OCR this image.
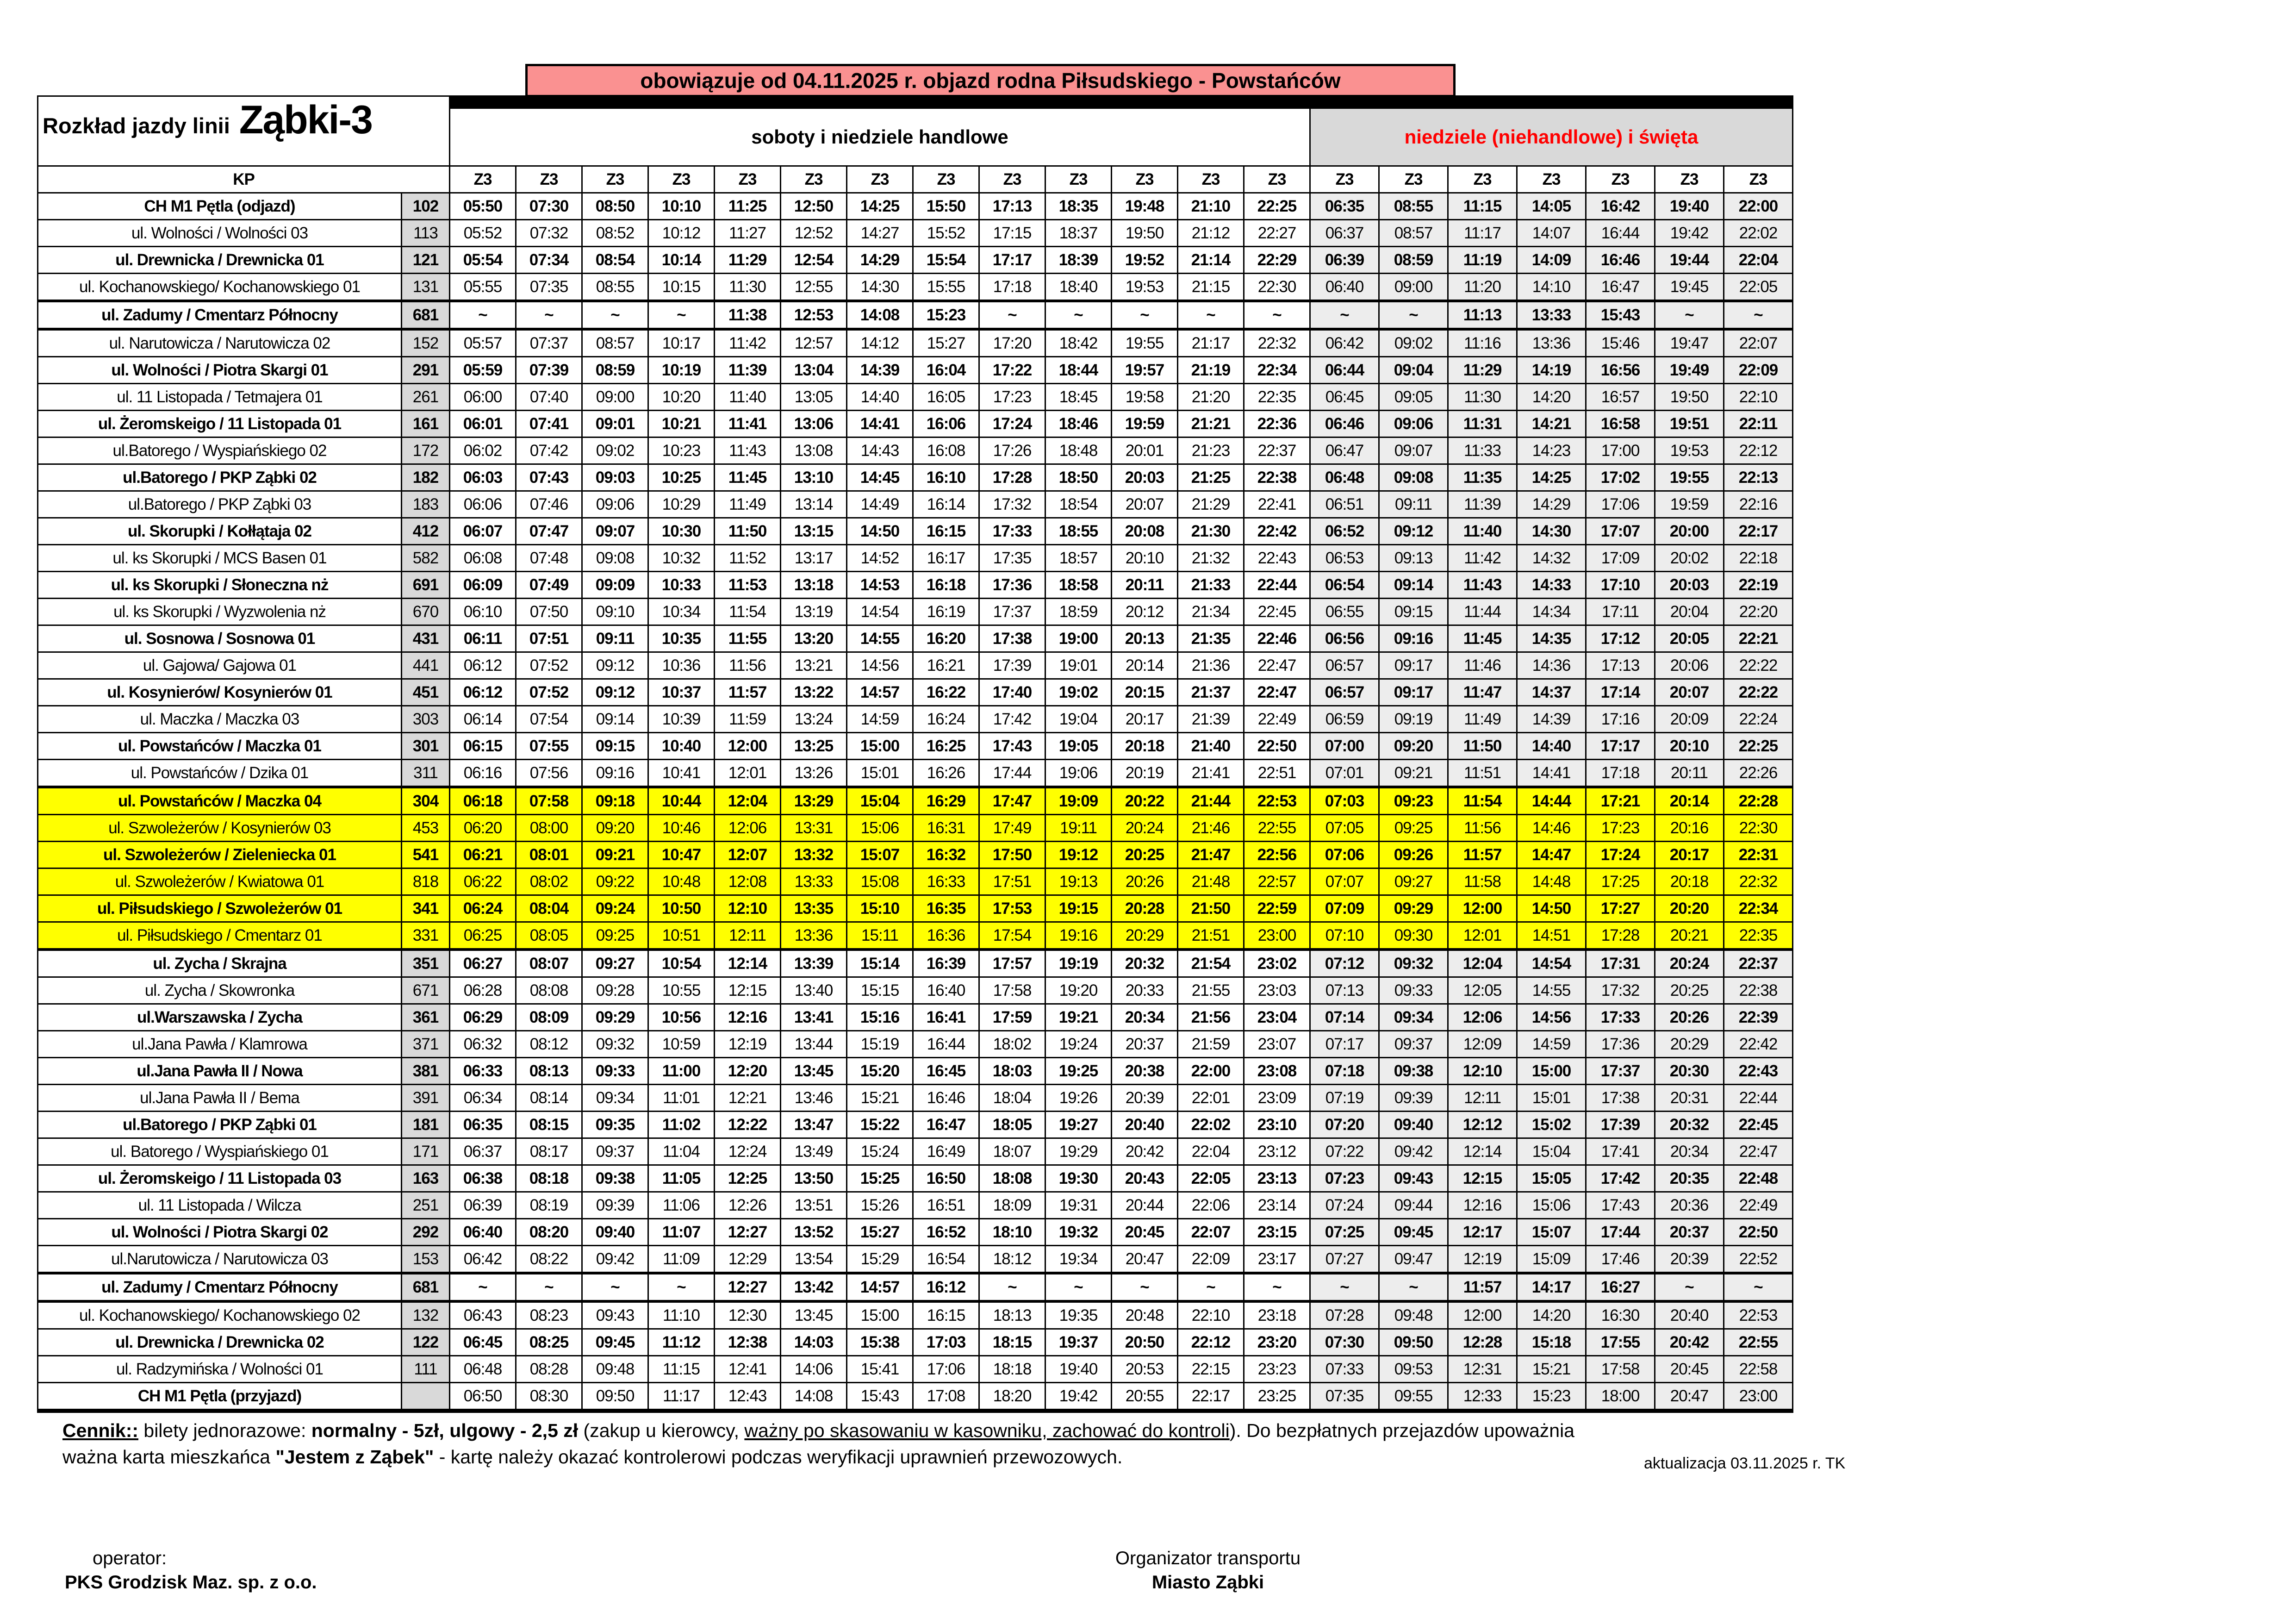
obowiązuje od 04.11.2025 r. objazd rodna Piłsudskiego - Powstańców
Rozkład jazdy linii Ząbki-3

soboty i niedziele handlowe													niedziele (niehandlowe) i święta						

KP		Z3	Z3	Z3	Z3	Z3	Z3	Z3	Z3	Z3	Z3	Z3	Z3	Z3	Z3	Z3	Z3	Z3	Z3	Z3	Z3
CH M1 Pętla (odjazd)	102	05:50	07:30	08:50	10:10	11:25	12:50	14:25	15:50	17:13	18:35	19:48	21:10	22:25	06:35	08:55	11:15	14:05	16:42	19:40	22:00
ul. Wolności / Wolności 03	113	05:52	07:32	08:52	10:12	11:27	12:52	14:27	15:52	17:15	18:37	19:50	21:12	22:27	06:37	08:57	11:17	14:07	16:44	19:42	22:02
ul. Drewnicka / Drewnicka 01	121	05:54	07:34	08:54	10:14	11:29	12:54	14:29	15:54	17:17	18:39	19:52	21:14	22:29	06:39	08:59	11:19	14:09	16:46	19:44	22:04
ul. Kochanowskiego/ Kochanowskiego 01	131	05:55	07:35	08:55	10:15	11:30	12:55	14:30	15:55	17:18	18:40	19:53	21:15	22:30	06:40	09:00	11:20	14:10	16:47	19:45	22:05
ul. Zadumy / Cmentarz Północny	681	~	~	~	~	11:38	12:53	14:08	15:23	~	~	~	~	~	~	~	11:13	13:33	15:43	~	~
ul. Narutowicza / Narutowicza 02	152	05:57	07:37	08:57	10:17	11:42	12:57	14:12	15:27	17:20	18:42	19:55	21:17	22:32	06:42	09:02	11:16	13:36	15:46	19:47	22:07
ul. Wolności / Piotra Skargi 01	291	05:59	07:39	08:59	10:19	11:39	13:04	14:39	16:04	17:22	18:44	19:57	21:19	22:34	06:44	09:04	11:29	14:19	16:56	19:49	22:09
ul. 11 Listopada / Tetmajera 01	261	06:00	07:40	09:00	10:20	11:40	13:05	14:40	16:05	17:23	18:45	19:58	21:20	22:35	06:45	09:05	11:30	14:20	16:57	19:50	22:10
ul. Żeromskeigo / 11 Listopada 01	161	06:01	07:41	09:01	10:21	11:41	13:06	14:41	16:06	17:24	18:46	19:59	21:21	22:36	06:46	09:06	11:31	14:21	16:58	19:51	22:11
ul.Batorego / Wyspiańskiego 02	172	06:02	07:42	09:02	10:23	11:43	13:08	14:43	16:08	17:26	18:48	20:01	21:23	22:37	06:47	09:07	11:33	14:23	17:00	19:53	22:12
ul.Batorego / PKP Ząbki 02	182	06:03	07:43	09:03	10:25	11:45	13:10	14:45	16:10	17:28	18:50	20:03	21:25	22:38	06:48	09:08	11:35	14:25	17:02	19:55	22:13
ul.Batorego / PKP Ząbki 03	183	06:06	07:46	09:06	10:29	11:49	13:14	14:49	16:14	17:32	18:54	20:07	21:29	22:41	06:51	09:11	11:39	14:29	17:06	19:59	22:16
ul. Skorupki / Kołłątaja 02	412	06:07	07:47	09:07	10:30	11:50	13:15	14:50	16:15	17:33	18:55	20:08	21:30	22:42	06:52	09:12	11:40	14:30	17:07	20:00	22:17
ul. ks Skorupki / MCS Basen 01	582	06:08	07:48	09:08	10:32	11:52	13:17	14:52	16:17	17:35	18:57	20:10	21:32	22:43	06:53	09:13	11:42	14:32	17:09	20:02	22:18
ul. ks Skorupki / Słoneczna nż	691	06:09	07:49	09:09	10:33	11:53	13:18	14:53	16:18	17:36	18:58	20:11	21:33	22:44	06:54	09:14	11:43	14:33	17:10	20:03	22:19
ul. ks Skorupki / Wyzwolenia nż	670	06:10	07:50	09:10	10:34	11:54	13:19	14:54	16:19	17:37	18:59	20:12	21:34	22:45	06:55	09:15	11:44	14:34	17:11	20:04	22:20
ul. Sosnowa / Sosnowa 01	431	06:11	07:51	09:11	10:35	11:55	13:20	14:55	16:20	17:38	19:00	20:13	21:35	22:46	06:56	09:16	11:45	14:35	17:12	20:05	22:21
ul. Gajowa/ Gajowa 01	441	06:12	07:52	09:12	10:36	11:56	13:21	14:56	16:21	17:39	19:01	20:14	21:36	22:47	06:57	09:17	11:46	14:36	17:13	20:06	22:22
ul. Kosynierów/ Kosynierów 01	451	06:12	07:52	09:12	10:37	11:57	13:22	14:57	16:22	17:40	19:02	20:15	21:37	22:47	06:57	09:17	11:47	14:37	17:14	20:07	22:22
ul. Maczka / Maczka 03	303	06:14	07:54	09:14	10:39	11:59	13:24	14:59	16:24	17:42	19:04	20:17	21:39	22:49	06:59	09:19	11:49	14:39	17:16	20:09	22:24
ul. Powstańców / Maczka 01	301	06:15	07:55	09:15	10:40	12:00	13:25	15:00	16:25	17:43	19:05	20:18	21:40	22:50	07:00	09:20	11:50	14:40	17:17	20:10	22:25
ul. Powstańców / Dzika 01	311	06:16	07:56	09:16	10:41	12:01	13:26	15:01	16:26	17:44	19:06	20:19	21:41	22:51	07:01	09:21	11:51	14:41	17:18	20:11	22:26
ul. Powstańców / Maczka 04	304	06:18	07:58	09:18	10:44	12:04	13:29	15:04	16:29	17:47	19:09	20:22	21:44	22:53	07:03	09:23	11:54	14:44	17:21	20:14	22:28
ul. Szwoleżerów / Kosynierów 03	453	06:20	08:00	09:20	10:46	12:06	13:31	15:06	16:31	17:49	19:11	20:24	21:46	22:55	07:05	09:25	11:56	14:46	17:23	20:16	22:30
ul. Szwoleżerów / Zieleniecka 01	541	06:21	08:01	09:21	10:47	12:07	13:32	15:07	16:32	17:50	19:12	20:25	21:47	22:56	07:06	09:26	11:57	14:47	17:24	20:17	22:31
ul. Szwoleżerów / Kwiatowa 01	818	06:22	08:02	09:22	10:48	12:08	13:33	15:08	16:33	17:51	19:13	20:26	21:48	22:57	07:07	09:27	11:58	14:48	17:25	20:18	22:32
ul. Piłsudskiego / Szwoleżerów 01	341	06:24	08:04	09:24	10:50	12:10	13:35	15:10	16:35	17:53	19:15	20:28	21:50	22:59	07:09	09:29	12:00	14:50	17:27	20:20	22:34
ul. Piłsudskiego / Cmentarz 01	331	06:25	08:05	09:25	10:51	12:11	13:36	15:11	16:36	17:54	19:16	20:29	21:51	23:00	07:10	09:30	12:01	14:51	17:28	20:21	22:35
ul. Zycha / Skrajna	351	06:27	08:07	09:27	10:54	12:14	13:39	15:14	16:39	17:57	19:19	20:32	21:54	23:02	07:12	09:32	12:04	14:54	17:31	20:24	22:37
ul. Zycha / Skowronka	671	06:28	08:08	09:28	10:55	12:15	13:40	15:15	16:40	17:58	19:20	20:33	21:55	23:03	07:13	09:33	12:05	14:55	17:32	20:25	22:38
ul.Warszawska / Zycha	361	06:29	08:09	09:29	10:56	12:16	13:41	15:16	16:41	17:59	19:21	20:34	21:56	23:04	07:14	09:34	12:06	14:56	17:33	20:26	22:39
ul.Jana Pawła / Klamrowa	371	06:32	08:12	09:32	10:59	12:19	13:44	15:19	16:44	18:02	19:24	20:37	21:59	23:07	07:17	09:37	12:09	14:59	17:36	20:29	22:42
ul.Jana Pawła II / Nowa	381	06:33	08:13	09:33	11:00	12:20	13:45	15:20	16:45	18:03	19:25	20:38	22:00	23:08	07:18	09:38	12:10	15:00	17:37	20:30	22:43
ul.Jana Pawła II / Bema	391	06:34	08:14	09:34	11:01	12:21	13:46	15:21	16:46	18:04	19:26	20:39	22:01	23:09	07:19	09:39	12:11	15:01	17:38	20:31	22:44
ul.Batorego / PKP Ząbki 01	181	06:35	08:15	09:35	11:02	12:22	13:47	15:22	16:47	18:05	19:27	20:40	22:02	23:10	07:20	09:40	12:12	15:02	17:39	20:32	22:45
ul. Batorego / Wyspiańskiego 01	171	06:37	08:17	09:37	11:04	12:24	13:49	15:24	16:49	18:07	19:29	20:42	22:04	23:12	07:22	09:42	12:14	15:04	17:41	20:34	22:47
ul. Żeromskeigo / 11 Listopada 03	163	06:38	08:18	09:38	11:05	12:25	13:50	15:25	16:50	18:08	19:30	20:43	22:05	23:13	07:23	09:43	12:15	15:05	17:42	20:35	22:48
ul. 11 Listopada / Wilcza	251	06:39	08:19	09:39	11:06	12:26	13:51	15:26	16:51	18:09	19:31	20:44	22:06	23:14	07:24	09:44	12:16	15:06	17:43	20:36	22:49
ul. Wolności / Piotra Skargi 02	292	06:40	08:20	09:40	11:07	12:27	13:52	15:27	16:52	18:10	19:32	20:45	22:07	23:15	07:25	09:45	12:17	15:07	17:44	20:37	22:50
ul.Narutowicza / Narutowicza 03	153	06:42	08:22	09:42	11:09	12:29	13:54	15:29	16:54	18:12	19:34	20:47	22:09	23:17	07:27	09:47	12:19	15:09	17:46	20:39	22:52
ul. Zadumy / Cmentarz Północny	681	~	~	~	~	12:27	13:42	14:57	16:12	~	~	~	~	~	~	~	11:57	14:17	16:27	~	~
ul. Kochanowskiego/ Kochanowskiego 02	132	06:43	08:23	09:43	11:10	12:30	13:45	15:00	16:15	18:13	19:35	20:48	22:10	23:18	07:28	09:48	12:00	14:20	16:30	20:40	22:53
ul. Drewnicka / Drewnicka 02	122	06:45	08:25	09:45	11:12	12:38	14:03	15:38	17:03	18:15	19:37	20:50	22:12	23:20	07:30	09:50	12:28	15:18	17:55	20:42	22:55
ul. Radzymińska / Wolności 01	111	06:48	08:28	09:48	11:15	12:41	14:06	15:41	17:06	18:18	19:40	20:53	22:15	23:23	07:33	09:53	12:31	15:21	17:58	20:45	22:58
CH M1 Pętla (przyjazd)		06:50	08:30	09:50	11:17	12:43	14:08	15:43	17:08	18:20	19:42	20:55	22:17	23:25	07:35	09:55	12:33	15:23	18:00	20:47	23:00
Cennik:: bilety jednorazowe: normalny - 5zł, ulgowy - 2,5 zł (zakup u kierowcy, ważny po skasowaniu w kasowniku, zachować do kontroli). Do bezpłatnych przejazdów upoważnia ważna karta mieszkańca "Jestem z Ząbek" - kartę należy okazać kontrolerowi podczas weryfikacji uprawnień przewozowych.	aktualizacja 03.11.2025 r. TK
operator:
PKS Grodzisk Maz. sp. z o.o.
Organizator transportu
Miasto Ząbki
